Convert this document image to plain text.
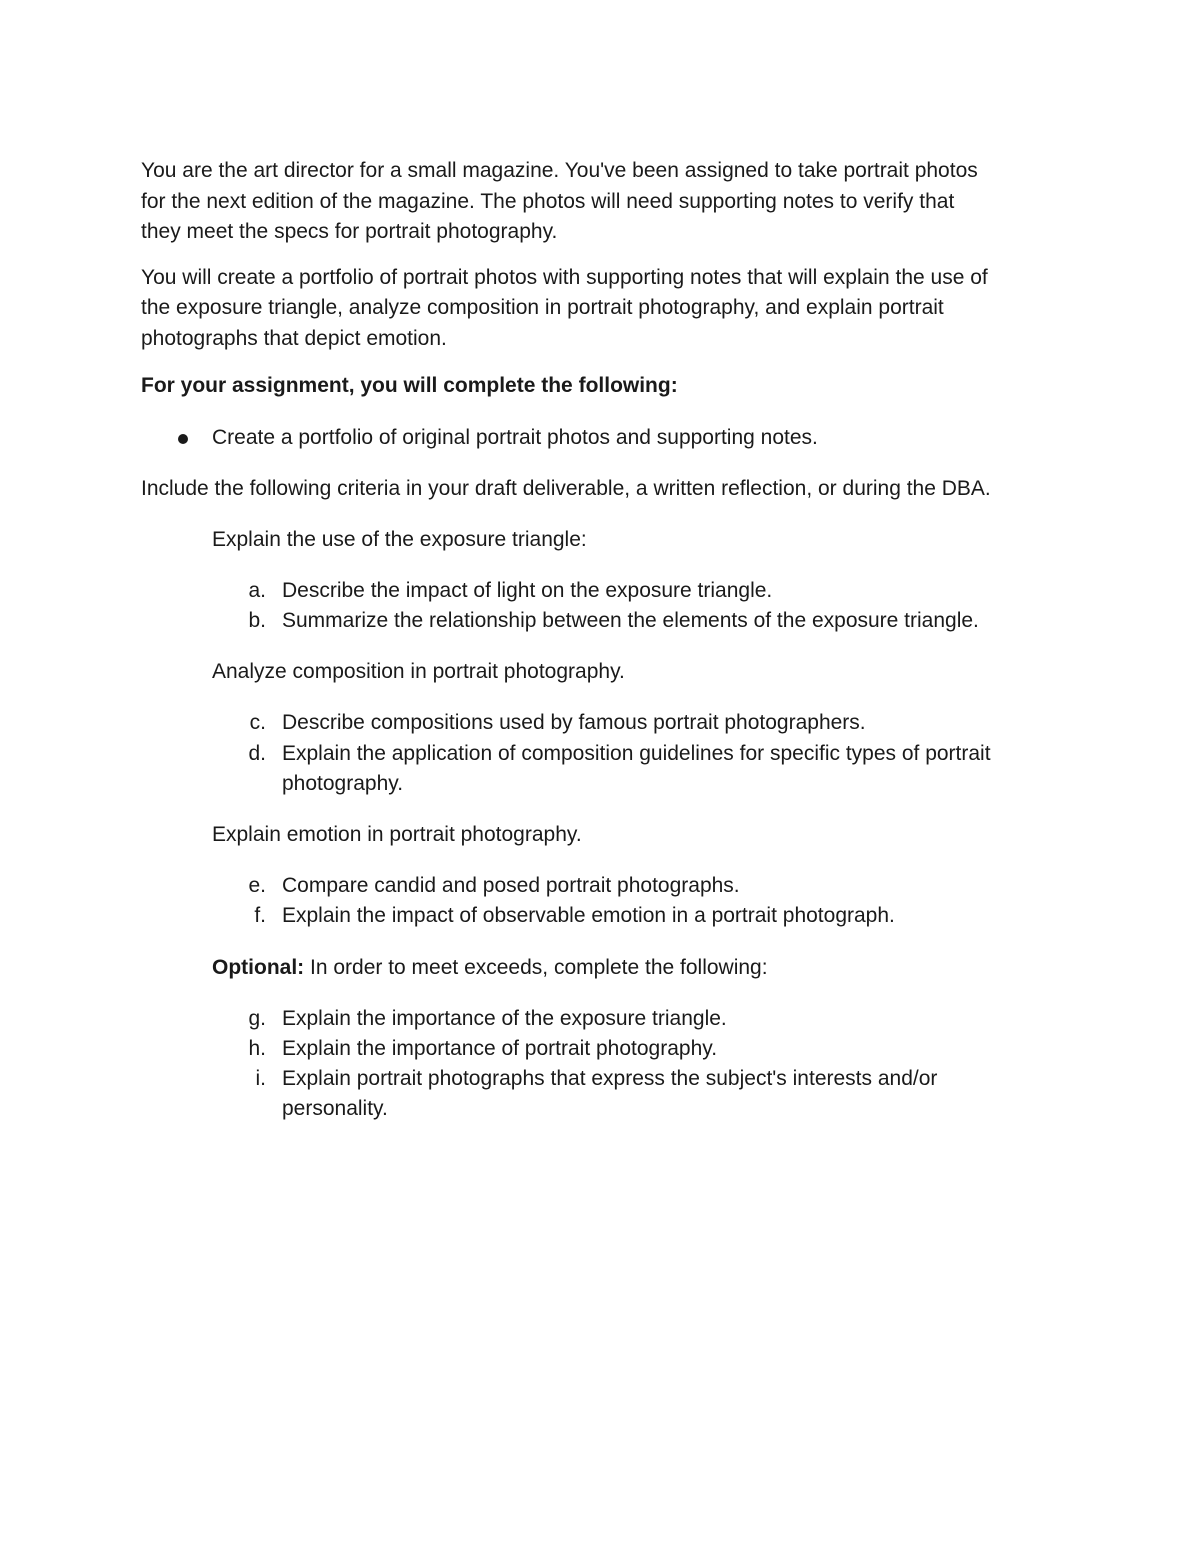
You are the art director for a small magazine. You've been assigned to take portrait photos
for the next edition of the magazine. The photos will need supporting notes to verify that
they meet the specs for portrait photography.
You will create a portfolio of portrait photos with supporting notes that will explain the use of
the exposure triangle, analyze composition in portrait photography, and explain portrait
photographs that depict emotion.
For your assignment, you will complete the following:
Create a portfolio of original portrait photos and supporting notes.
Include the following criteria in your draft deliverable, a written reflection, or during the DBA.
Explain the use of the exposure triangle:
a. Describe the impact of light on the exposure triangle.
b. Summarize the relationship between the elements of the exposure triangle.
Analyze composition in portrait photography.
c. Describe compositions used by famous portrait photographers.
d. Explain the application of composition guidelines for specific types of portrait
photography.
Explain emotion in portrait photography.
e. Compare candid and posed portrait photographs.
f. Explain the impact of observable emotion in a portrait photograph.
Optional: In order to meet exceeds, complete the following:
g. Explain the importance of the exposure triangle.
h. Explain the importance of portrait photography.
i. Explain portrait photographs that express the subject's interests and/or
personality.
